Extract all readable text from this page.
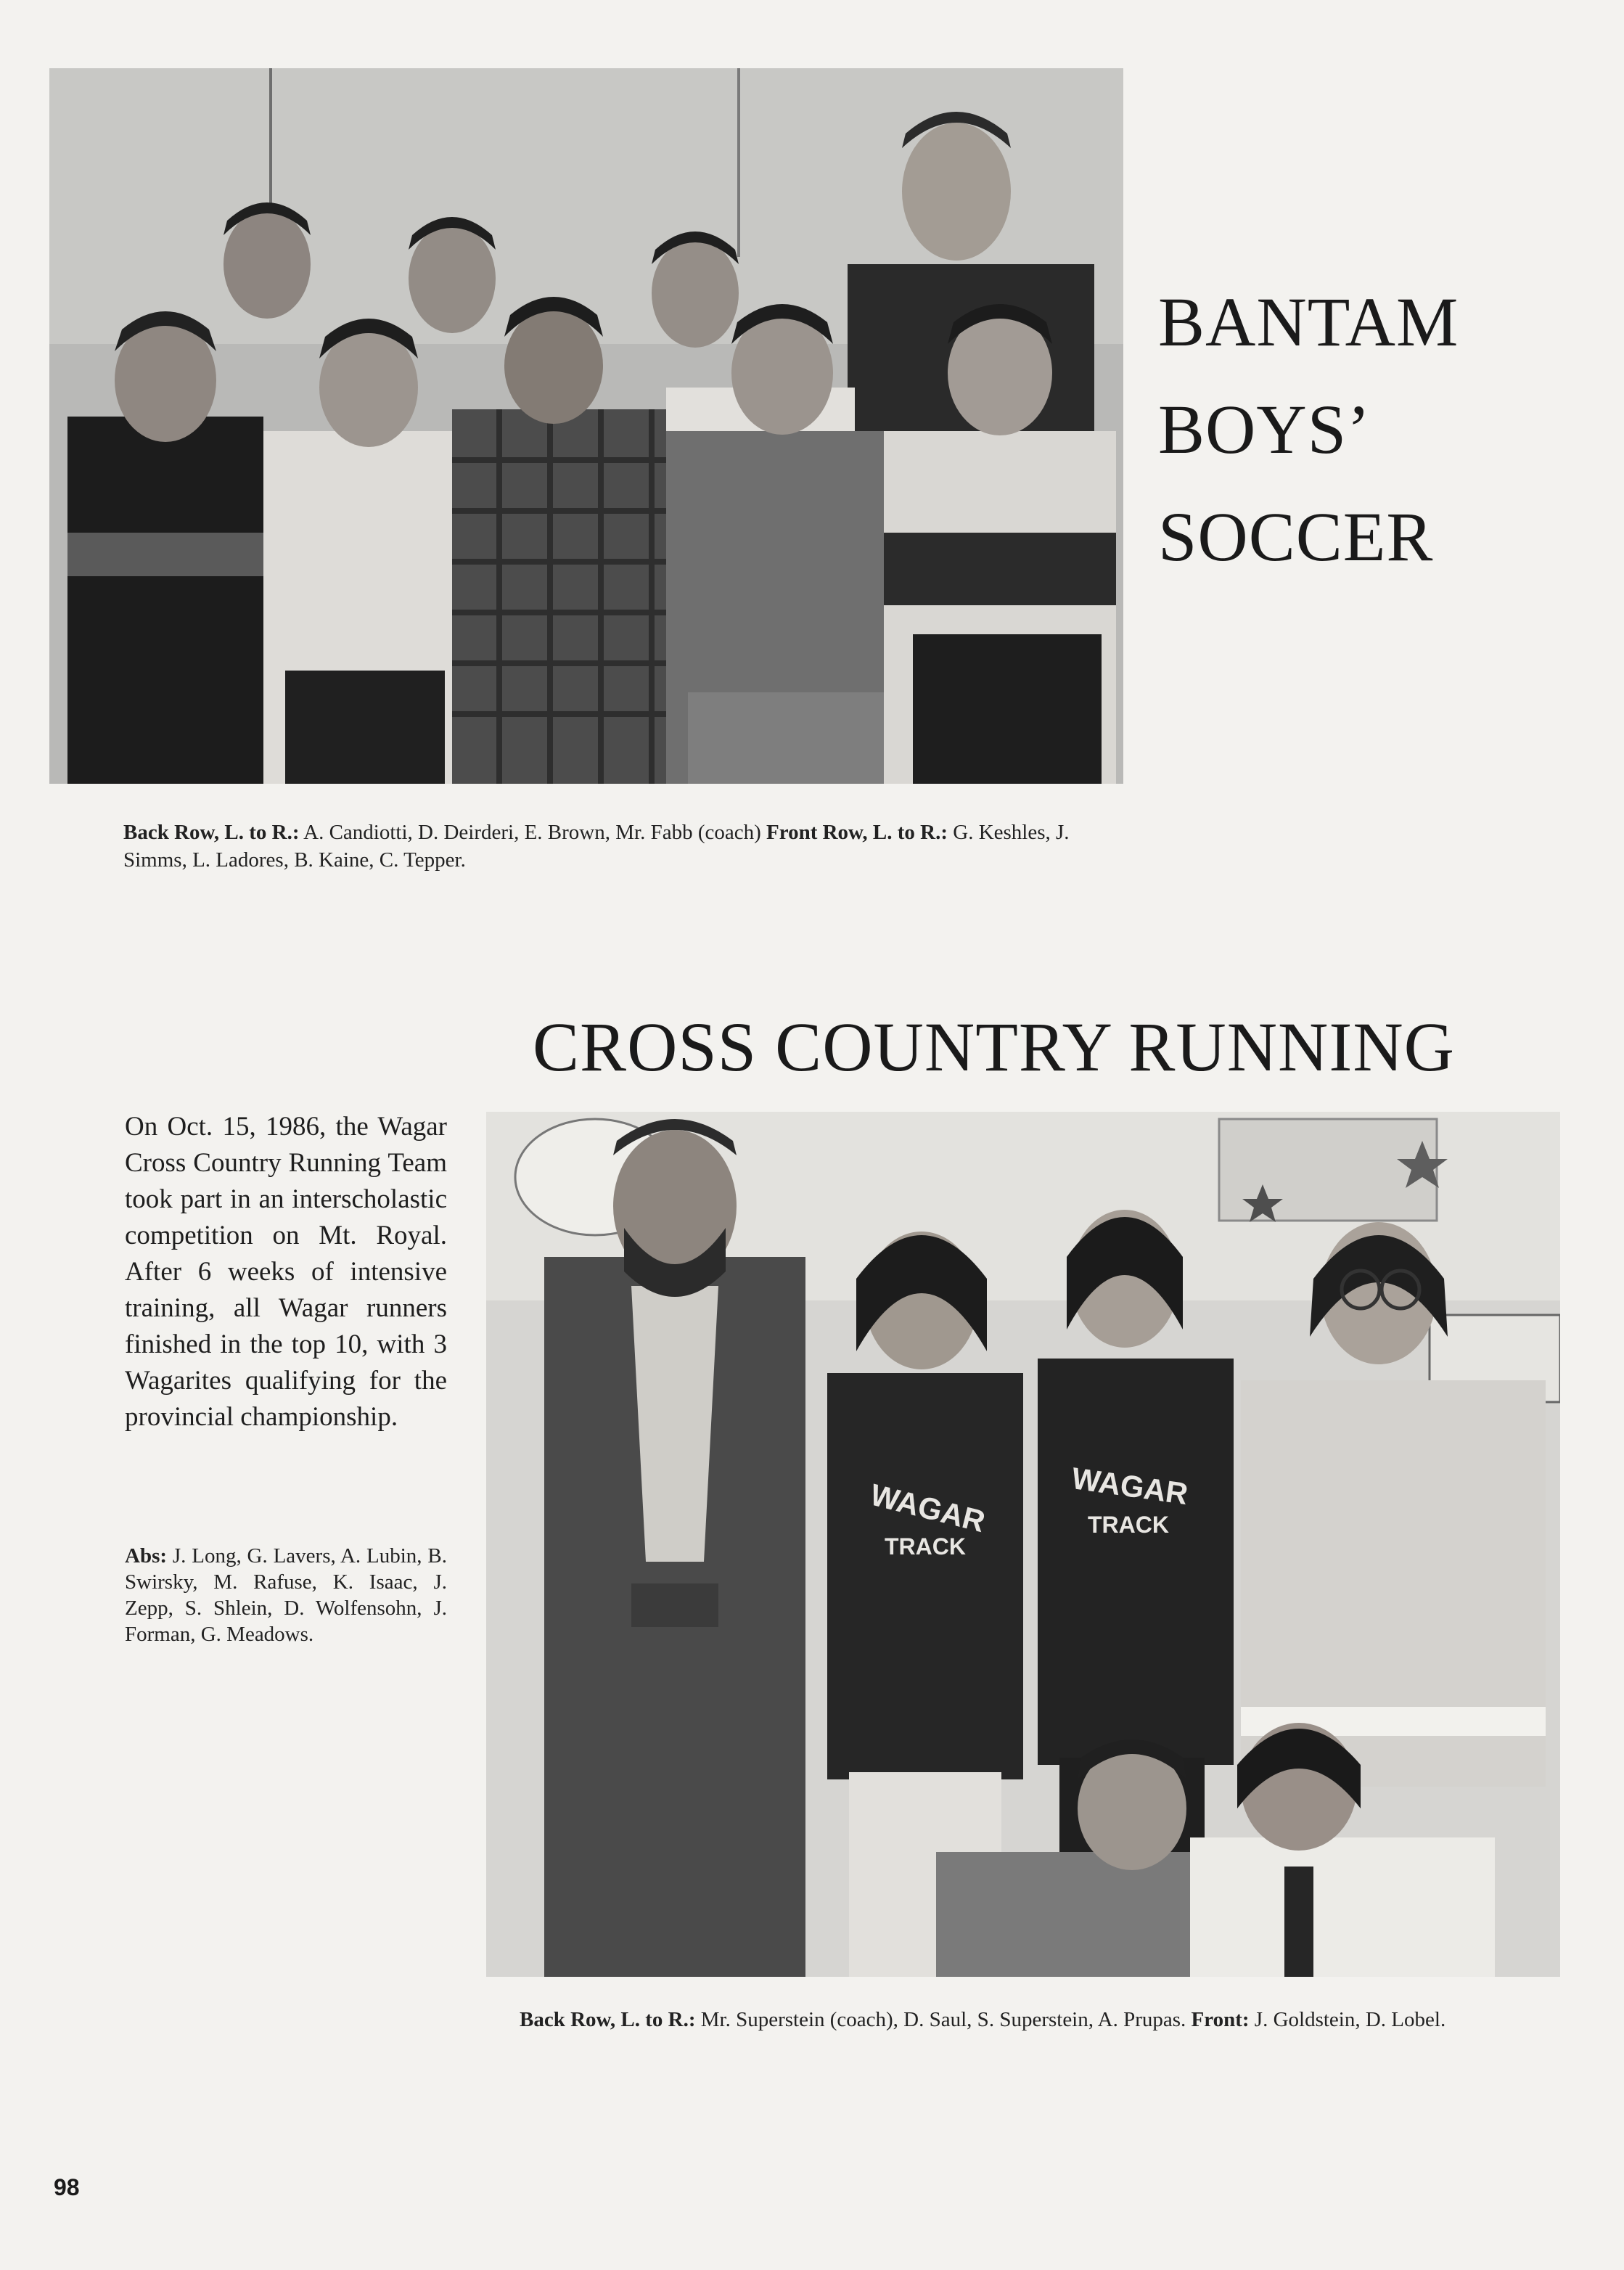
BANTAM
BOYS’
SOCCER
Back Row, L. to R.: A. Candiotti, D. Deirderi, E. Brown, Mr. Fabb (coach) Front Row, L. to R.: G. Keshles, J. Simms, L. Ladores, B. Kaine, C. Tepper.
CROSS COUNTRY RUNNING
On Oct. 15, 1986, the Wagar Cross Country Running Team took part in an interscholastic competition on Mt. Royal. After 6 weeks of intensive training, all Wagar runners finished in the top 10, with 3 Wagarites qualifying for the provincial championship.
Abs: J. Long, G. Lavers, A. Lubin, B. Swirsky, M. Rafuse, K. Isaac, J. Zepp, S. Shlein, D. Wolfensohn, J. Forman, G. Meadows.
WAGAR
TRACK
WAGAR
TRACK
Back Row, L. to R.: Mr. Superstein (coach), D. Saul, S. Superstein, A. Prupas. Front: J. Goldstein, D. Lobel.
98
